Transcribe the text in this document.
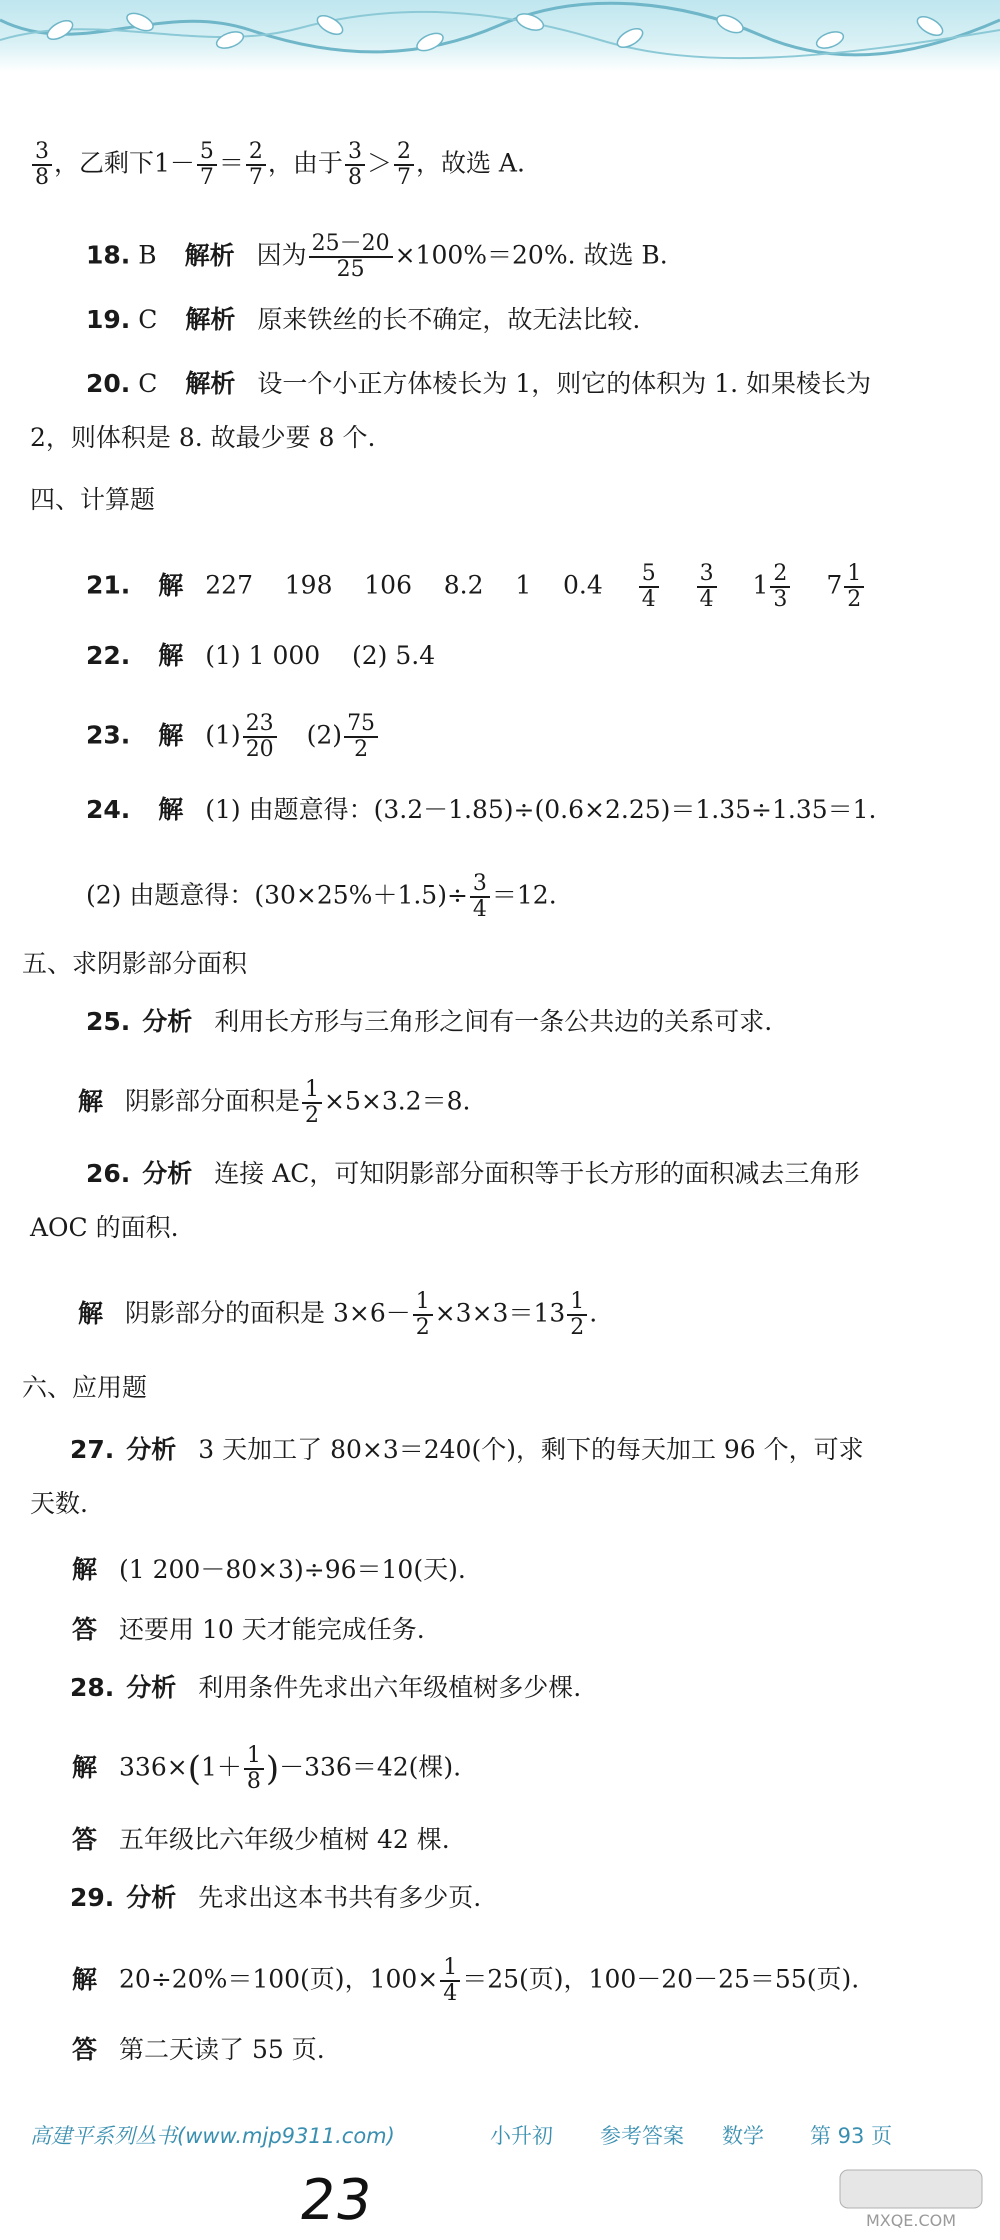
$\frac{3}{8}$ ，乙剩下$1- \frac{5}{7} = \frac{2}{7}$ ，由于 $\frac{3}{8} > \frac{2}{7}$ ，故选 A.
18. B 解析 因为 $\frac{25-20}{25} \times 100\%=20\%$. 故选 B.
19. C 解析 原来铁丝的长不确定，故无法比较.
20. C 解析 设一个小正方体棱长为 1，则它的体积为 1. 如果棱长为
2，则体积是 8. 故最少要 8 个.
四、计算题
21. 解 227    198    106    8.2    1    $0.4 \frac{5}{4}$
$\frac{3}{4} 1 \frac{2}{3} 7 \frac{1}{2}$
22. 解 (1) 1 000    (2) 5.4
23. 解 $(1) \frac{23}{20} (2) \frac{75}{2}$
24. 解 (1) 由题意得：(3.2－1.85)÷(0.6×2.25)＝1.35÷1.35＝1.
(2) 由题意得：$(30\times 25\%+1.5)\div \frac{3}{4} =12$.
五、求阴影部分面积
25. 分析 利用长方形与三角形之间有一条公共边的关系可求.
解 阴影部分面积是 $\frac{1}{2} \times 5\times 3.2=8$.
26. 分析 连接 AC，可知阴影部分面积等于长方形的面积减去三角形
AOC 的面积.
解 阴影部分的面积是 $3\times 6- \frac{1}{2} \times 3\times 3=13 \frac{1}{2}$ .
六、应用题
27. 分析 3 天加工了 80×3＝240(个)，剩下的每天加工 96 个，可求
天数.
解 (1 200－80×3)÷96＝10(天).
答 还要用 10 天才能完成任务.
28. 分析 利用条件先求出六年级植树多少棵.
解 $336\times(1+ \frac{1}{8} )-336=42$(棵).
答 五年级比六年级少植树 42 棵.
29. 分析 先求出这本书共有多少页.
解 20÷20%＝100(页)，$100\times \frac{1}{4} =25$(页)，100－20－25＝55(页).
答 第二天读了 55 页.
高建平系列丛书(www.mjp9311.com)	小升初 参考答案 数学 第 93 页
23	MXQE.COM
